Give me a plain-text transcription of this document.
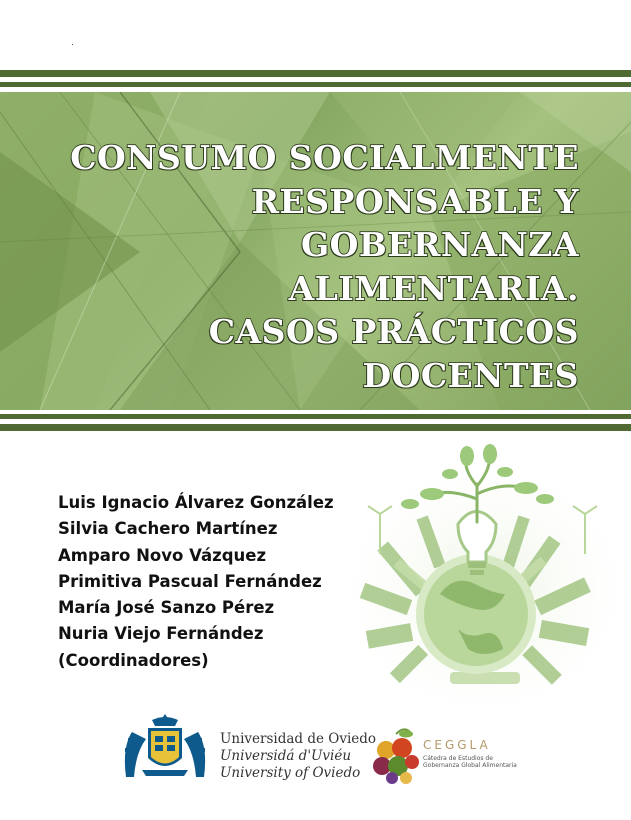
CONSUMO SOCIALMENTE
RESPONSABLE Y
GOBERNANZA
ALIMENTARIA.
CASOS PRÁCTICOS
DOCENTES
Luis Ignacio Álvarez González
Silvia Cachero Martínez
Amparo Novo Vázquez
Primitiva Pascual Fernández
María José Sanzo Pérez
Nuria Viejo Fernández
(Coordinadores)
Universidad de Oviedo
Universidá d'Uviéu
University of Oviedo
CEGGLA
Cátedra de Estudios de
Gobernanza Global Alimentaria
